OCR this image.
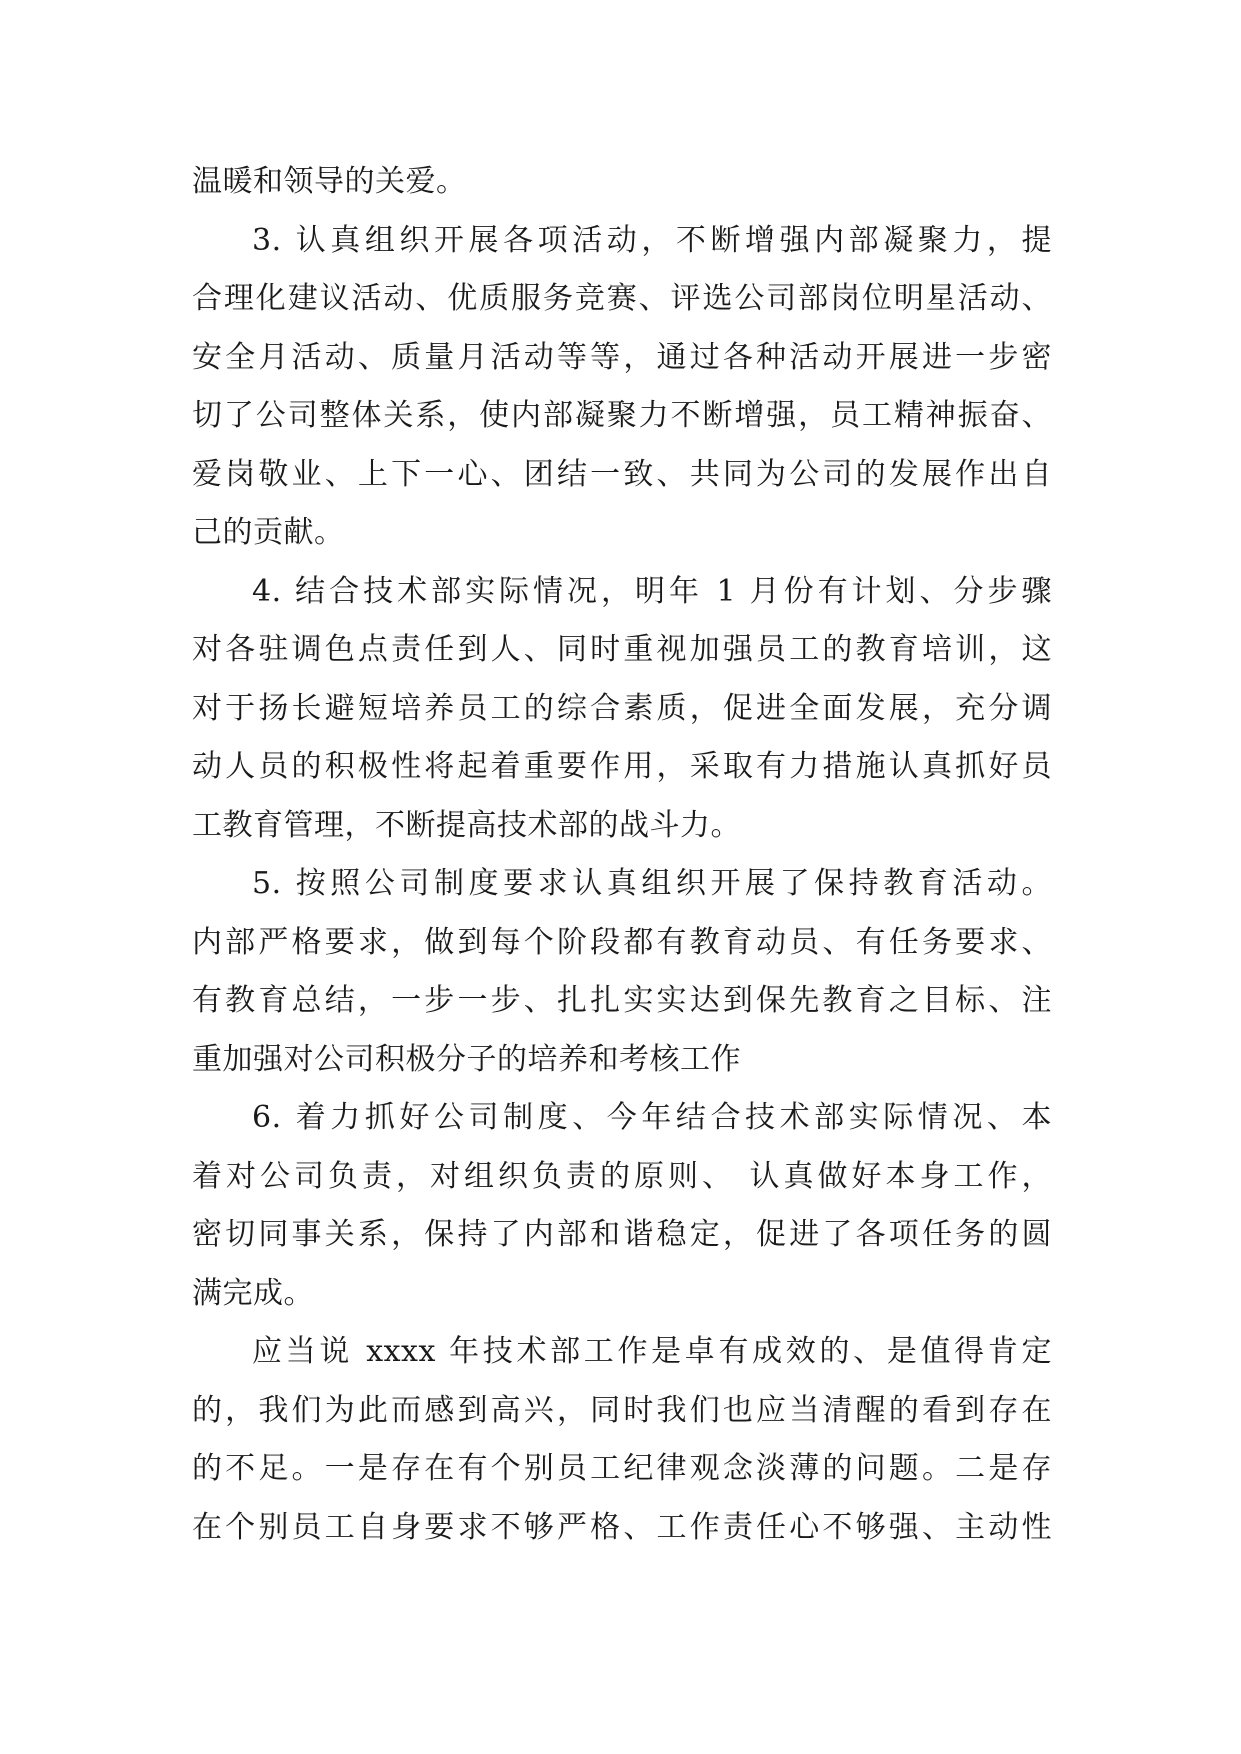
温暖和领导的关爱。
3. 认真组织开展各项活动，不断增强内部凝聚力，提
合理化建议活动、优质服务竞赛、评选公司部岗位明星活动、
安全月活动、质量月活动等等，通过各种活动开展进一步密
切了公司整体关系，使内部凝聚力不断增强，员工精神振奋、
爱岗敬业、上下一心、团结一致、共同为公司的发展作出自
己的贡献。
4. 结合技术部实际情况，明年 1 月份有计划、分步骤
对各驻调色点责任到人、同时重视加强员工的教育培训，这
对于扬长避短培养员工的综合素质，促进全面发展，充分调
动人员的积极性将起着重要作用，采取有力措施认真抓好员
工教育管理，不断提高技术部的战斗力。
5. 按照公司制度要求认真组织开展了保持教育活动。
内部严格要求，做到每个阶段都有教育动员、有任务要求、
有教育总结，一步一步、扎扎实实达到保先教育之目标、注
重加强对公司积极分子的培养和考核工作
6. 着力抓好公司制度、今年结合技术部实际情况、本
着对公司负责，对组织负责的原则、 认真做好本身工作，
密切同事关系，保持了内部和谐稳定，促进了各项任务的圆
满完成。
应当说 xxxx 年技术部工作是卓有成效的、是值得肯定
的，我们为此而感到高兴，同时我们也应当清醒的看到存在
的不足。一是存在有个别员工纪律观念淡薄的问题。二是存
在个别员工自身要求不够严格、工作责任心不够强、主动性
